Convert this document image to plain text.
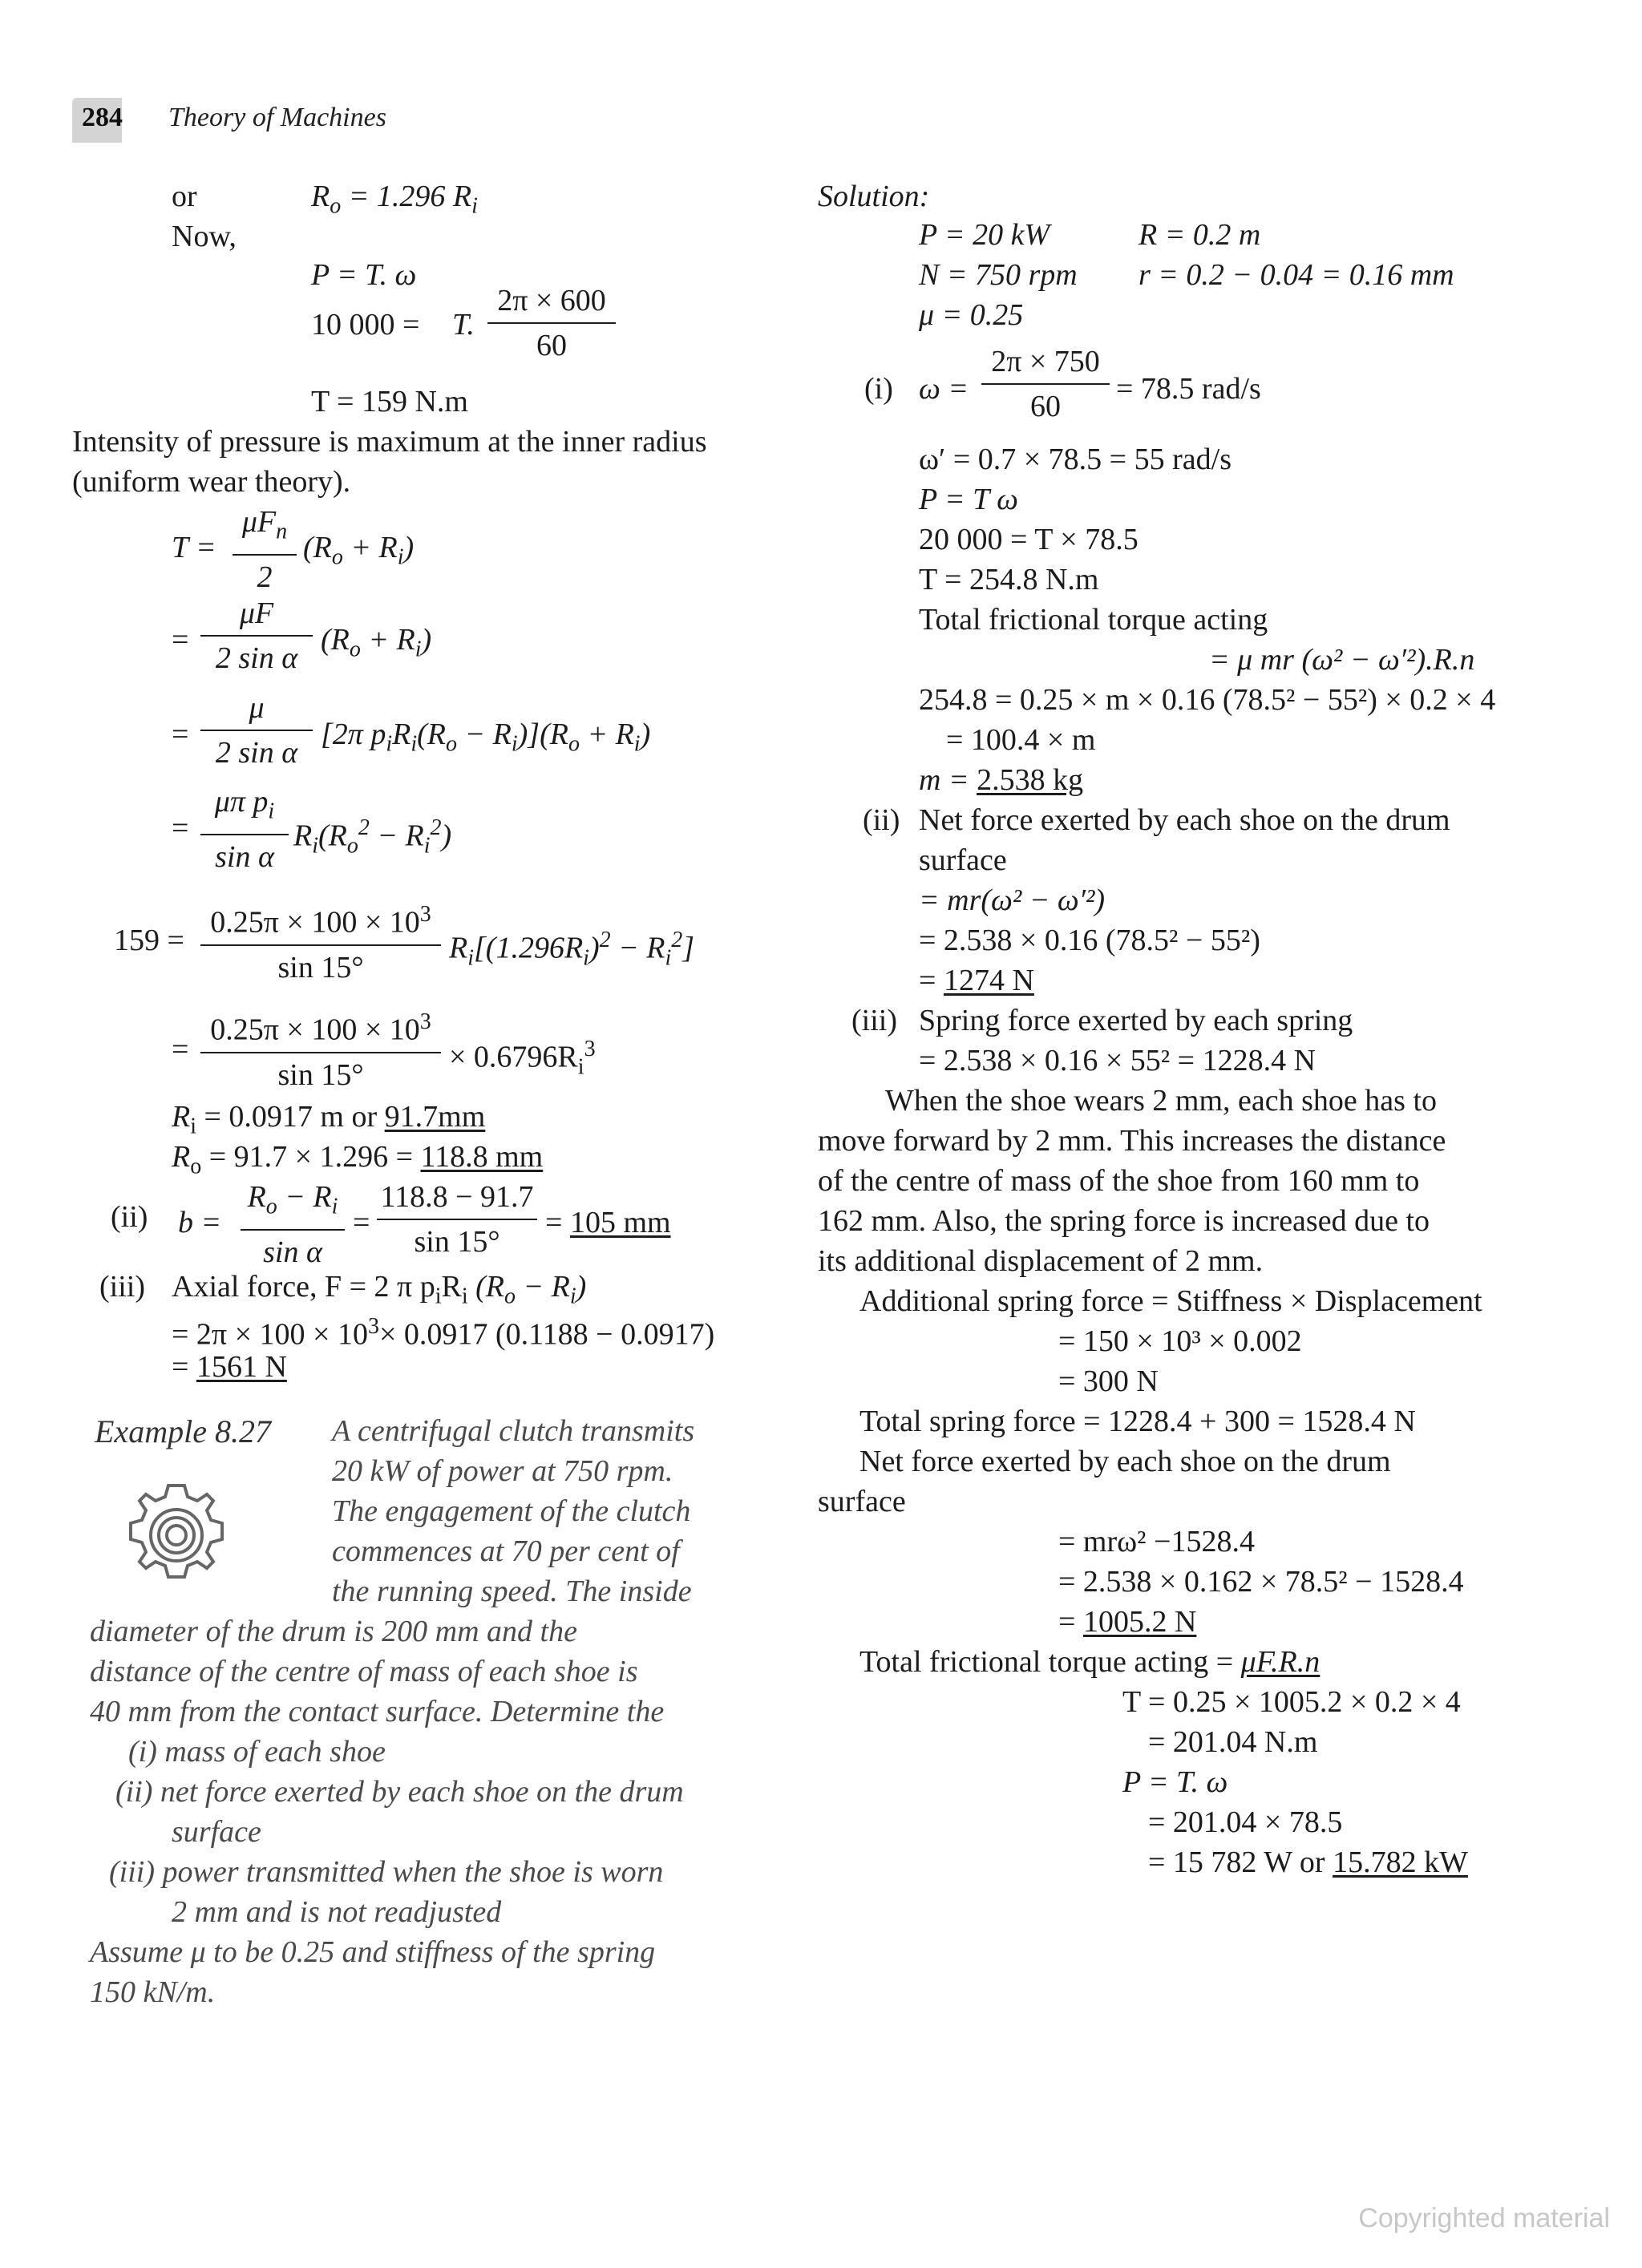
284 Theory of Machines
or	$R_o = 1.296$ $R_i$
Now,
P = T. ω
10 000 = T.
2π × 600
60
T = 159 N.m
Intensity of pressure is maximum at the inner radius
(uniform wear theory).
T =
$\mu F_n$
2
$(R_o + R_i)$
=
μF
2 sin α
$(R_o + R_i)$
=
μ
2 sin α
[2π $p_iR_i(R_o - R_i)](R_o + R_i)$
=
μπ $p_i$
sin α
$R_i(R_o^2 - R_i^2)$
159 =
$0.25\pi \times 100 \times 10^3$
sin 15°
$R_i[(1.296R_i)^2 - R_i^2]$
=
$0.25\pi \times 100 \times 10^3$
sin 15°
× $0.6796R_i^3$
$R_i = 0.0917$ m or 91.7mm
$R_o = 91.7 \times 1.296 = 118.8$ mm
(ii) b =
$R_o - R_i$
sin α
=
118.8 − 91.7
sin 15°
= 105 mm
(iii) Axial force, F = 2 π $p_iR_i$ $(R_o - R_i)$
= $2\pi \times 100 \times 10^3\times 0.0917$ (0.1188 − 0.0917)
= 1561 N
Example 8.27 A centrifugal clutch transmits
20 kW of power at 750 rpm.
The engagement of the clutch
commences at 70 per cent of
the running speed. The inside
diameter of the drum is 200 mm and the
distance of the centre of mass of each shoe is
40 mm from the contact surface. Determine the
(i) mass of each shoe
(ii) net force exerted by each shoe on the drum
surface
(iii) power transmitted when the shoe is worn
2 mm and is not readjusted
Assume μ to be 0.25 and stiffness of the spring
150 kN/m.
Solution:
P = 20 kW	R = 0.2 m
N = 750 rpm r = 0.2 − 0.04 = 0.16 mm
μ = 0.25
(i) ω =
2π × 750
60
= 78.5 rad/s
ω′ = 0.7 × 78.5 = 55 rad/s
P = T ω
20 000 = T × 78.5
T = 254.8 N.m
Total frictional torque acting
= μ mr (ω² − ω′²).R.n
254.8 = 0.25 × m × 0.16 (78.5² − 55²) × 0.2 × 4
= 100.4 × m
m = 2.538 kg
(ii) Net force exerted by each shoe on the drum
surface
= mr(ω² − ω′²)
= 2.538 × 0.16 (78.5² − 55²)
= 1274 N
(iii) Spring force exerted by each spring
= 2.538 × 0.16 × 55² = 1228.4 N
When the shoe wears 2 mm, each shoe has to
move forward by 2 mm. This increases the distance
of the centre of mass of the shoe from 160 mm to
162 mm. Also, the spring force is increased due to
its additional displacement of 2 mm.
Additional spring force = Stiffness × Displacement
= 150 × 10³ × 0.002
= 300 N
Total spring force = 1228.4 + 300 = 1528.4 N
Net force exerted by each shoe on the drum
surface
= mrω² −1528.4
= 2.538 × 0.162 × 78.5² − 1528.4
= 1005.2 N
Total frictional torque acting = μF.R.n
T = 0.25 × 1005.2 × 0.2 × 4
= 201.04 N.m
P = T. ω
= 201.04 × 78.5
= 15 782 W or 15.782 kW
Copyrighted material
